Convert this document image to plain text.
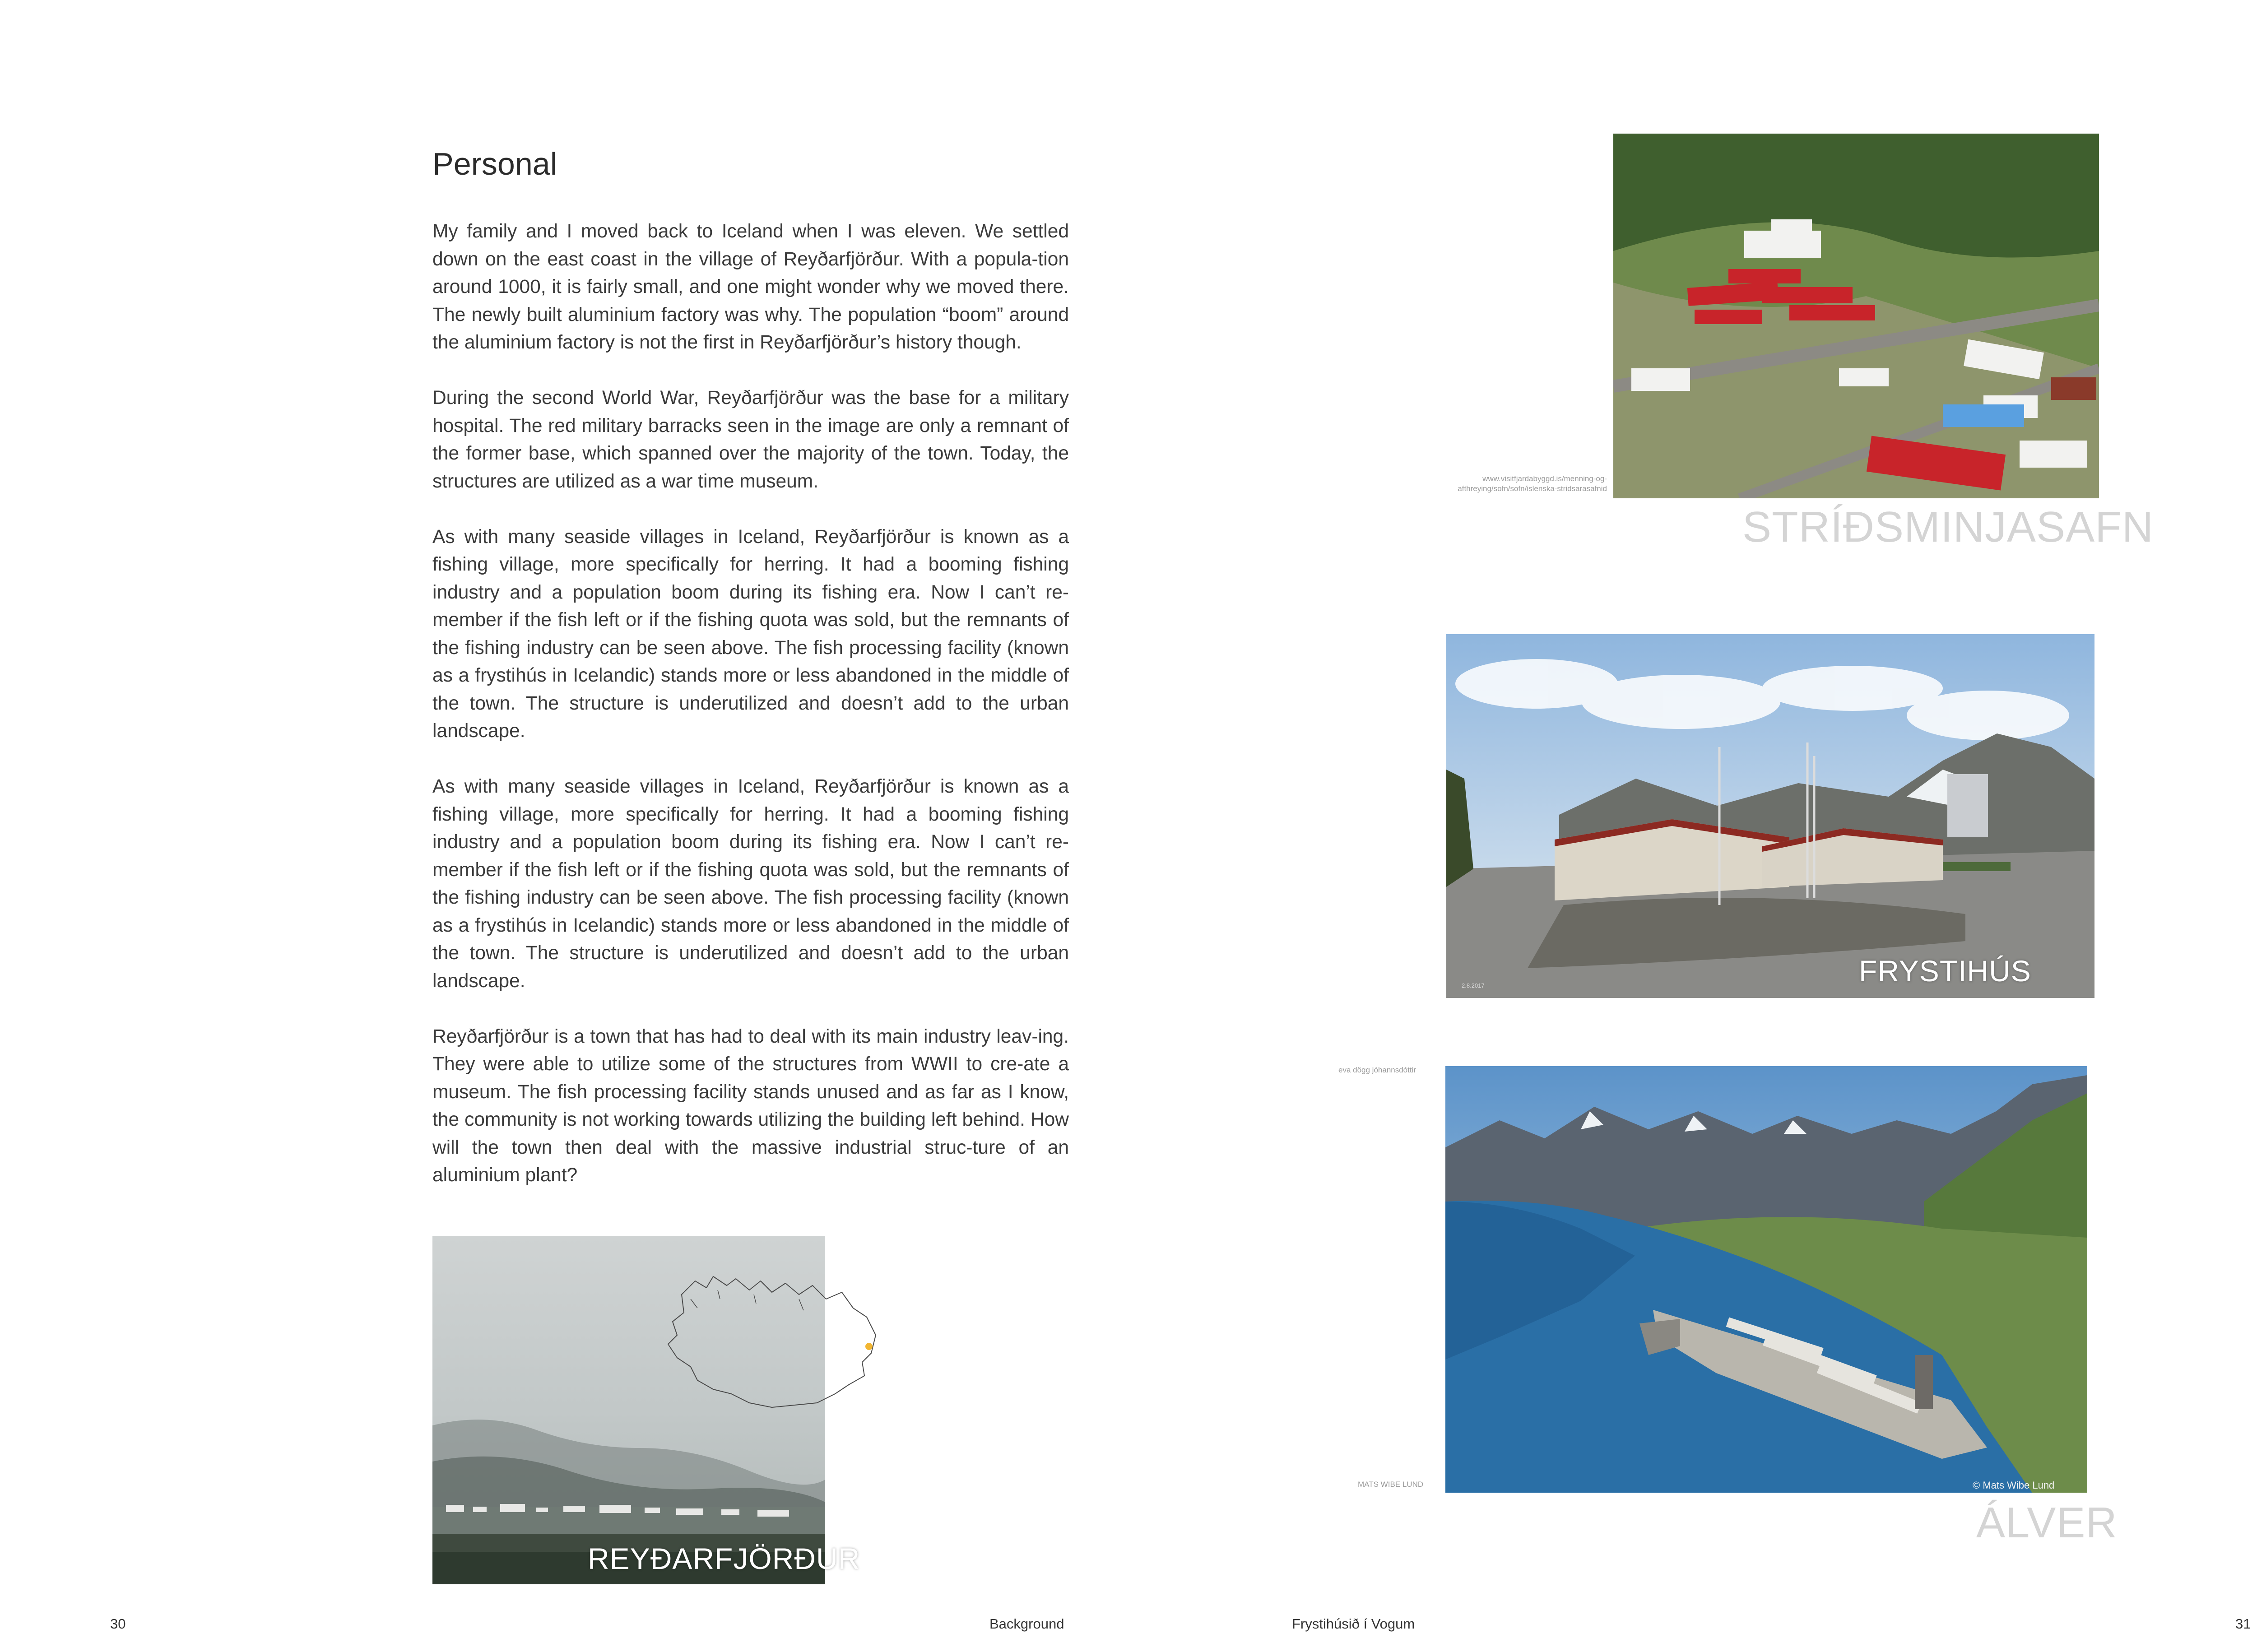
Personal

My family and I moved back to Iceland when I was eleven. We settled down on the east coast in the village of Reyðarfjörður. With a popula-tion around 1000, it is fairly small, and one might wonder why we moved there. The newly built aluminium factory was why. The population “boom” around the aluminium factory is not the first in Reyðarfjörður’s history though.

During the second World War, Reyðarfjörður was the base for a military hospital. The red military barracks seen in the image are only a remnant of the former base, which spanned over the majority of the town. Today, the structures are utilized as a war time museum.

As with many seaside villages in Iceland, Reyðarfjörður is known as a fishing village, more specifically for herring. It had a booming fishing industry and a population boom during its fishing era. Now I can’t re-member if the fish left or if the fishing quota was sold, but the remnants of the fishing industry can be seen above. The fish processing facility (known as a frystihús in Icelandic) stands more or less abandoned in the middle of the town. The structure is underutilized and doesn’t add to the urban landscape.

As with many seaside villages in Iceland, Reyðarfjörður is known as a fishing village, more specifically for herring. It had a booming fishing industry and a population boom during its fishing era. Now I can’t re-member if the fish left or if the fishing quota was sold, but the remnants of the fishing industry can be seen above. The fish processing facility (known as a frystihús in Icelandic) stands more or less abandoned in the middle of the town. The structure is underutilized and doesn’t add to the urban landscape.

Reyðarfjörður is a town that has had to deal with its main industry leav-ing. They were able to utilize some of the structures from WWII to cre-ate a museum. The fish processing facility stands unused and as far as I know, the community is not working towards utilizing the building left behind. How will the town then deal with the massive industrial struc-ture of an aluminium plant?

REYÐARFJÖRÐUR
www.visitfjardabyggd.is/menning-og-
afthreying/sofn/sofn/islenska-stridsarasafnid
STRÍÐSMINJASAFN
2.8.2017	FRYSTIHÚS
eva dögg jóhannsdóttir
MATS WIBE LUND	© Mats Wibe Lund
ÁLVER
30	Background	Frystihúsið í Vogum	31
